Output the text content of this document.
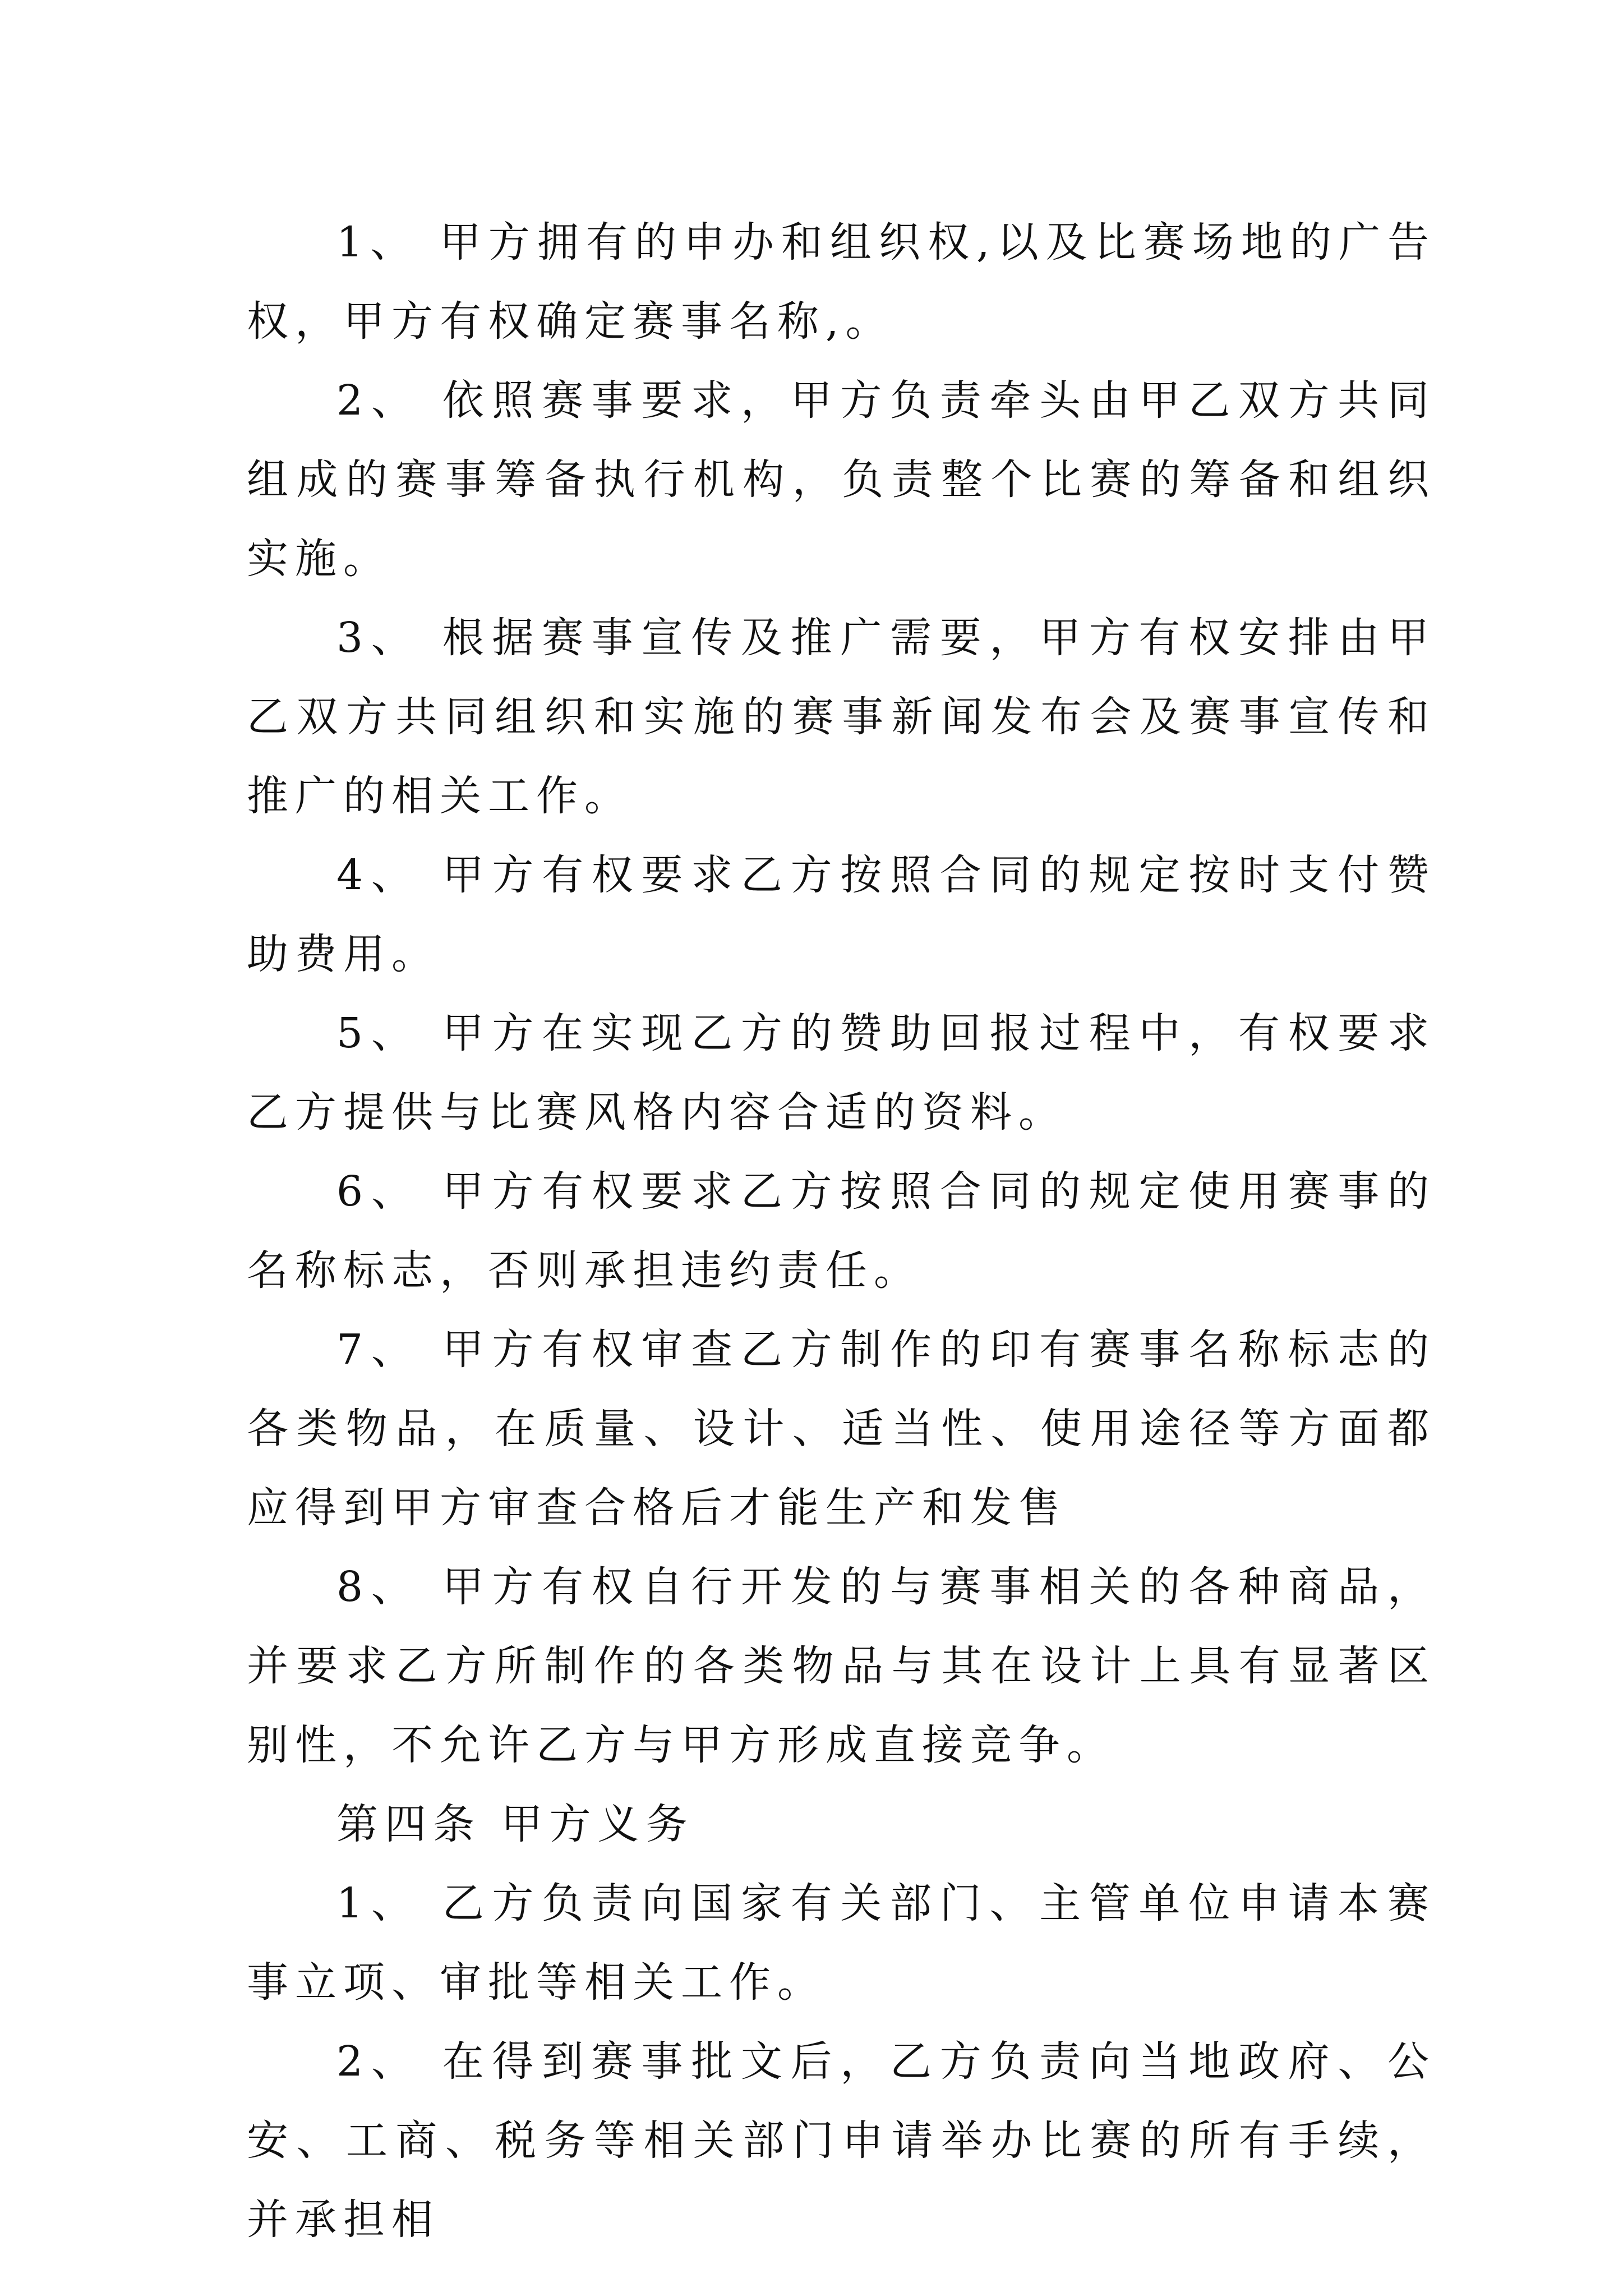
1、 甲方拥有的申办和组织权,以及比赛场地的广告权，甲方有权确定赛事名称,。

2、 依照赛事要求，甲方负责牵头由甲乙双方共同组成的赛事筹备执行机构，负责整个比赛的筹备和组织实施。

3、 根据赛事宣传及推广需要，甲方有权安排由甲乙双方共同组织和实施的赛事新闻发布会及赛事宣传和推广的相关工作。

4、 甲方有权要求乙方按照合同的规定按时支付赞助费用。

5、 甲方在实现乙方的赞助回报过程中，有权要求乙方提供与比赛风格内容合适的资料。

6、 甲方有权要求乙方按照合同的规定使用赛事的名称标志，否则承担违约责任。

7、 甲方有权审查乙方制作的印有赛事名称标志的各类物品，在质量、设计、适当性、使用途径等方面都应得到甲方审查合格后才能生产和发售

8、 甲方有权自行开发的与赛事相关的各种商品，并要求乙方所制作的各类物品与其在设计上具有显著区别性，不允许乙方与甲方形成直接竞争。

第四条 甲方义务

1、 乙方负责向国家有关部门、主管单位申请本赛事立项、审批等相关工作。

2、 在得到赛事批文后，乙方负责向当地政府、公安、工商、税务等相关部门申请举办比赛的所有手续，并承担相
